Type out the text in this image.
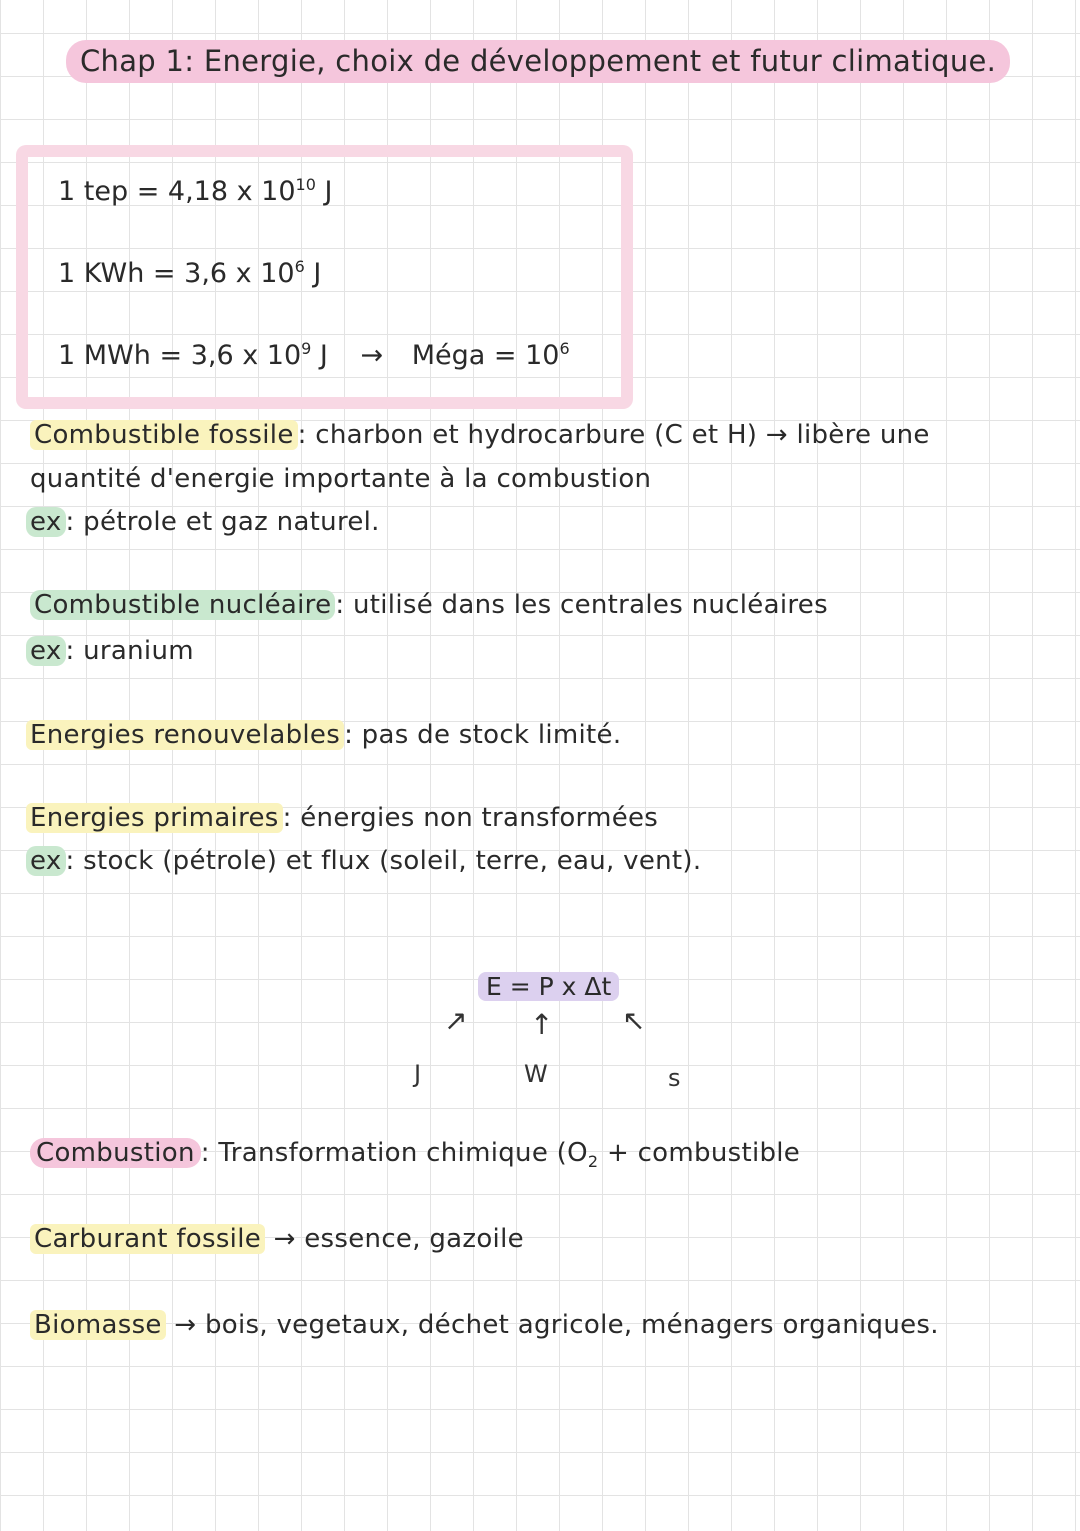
Chap 1: Energie, choix de développement et futur climatique.
1 tep = 4,18 x $10^{10}$ J
1 KWh = 3,6 x $10^6$ J
1 MWh = 3,6 x $10^9$ J → Méga = $10^6$
Combustible fossile : charbon et hydrocarbure (C et H) → libère une
quantité d'energie importante à la combustion
ex : pétrole et gaz naturel.
Combustible nucléaire : utilisé dans les centrales nucléaires
ex : uranium
Energies renouvelables : pas de stock limité.
Energies primaires : énergies non transformées
ex : stock (pétrole) et flux (soleil, terre, eau, vent).
E = P x Δt
↗ ↑ ↖
J	W	s
Combustion : Transformation chimique ($O_2$ + combustible
Carburant fossile → essence, gazoile
Biomasse → bois, vegetaux, déchet agricole, ménagers organiques.
